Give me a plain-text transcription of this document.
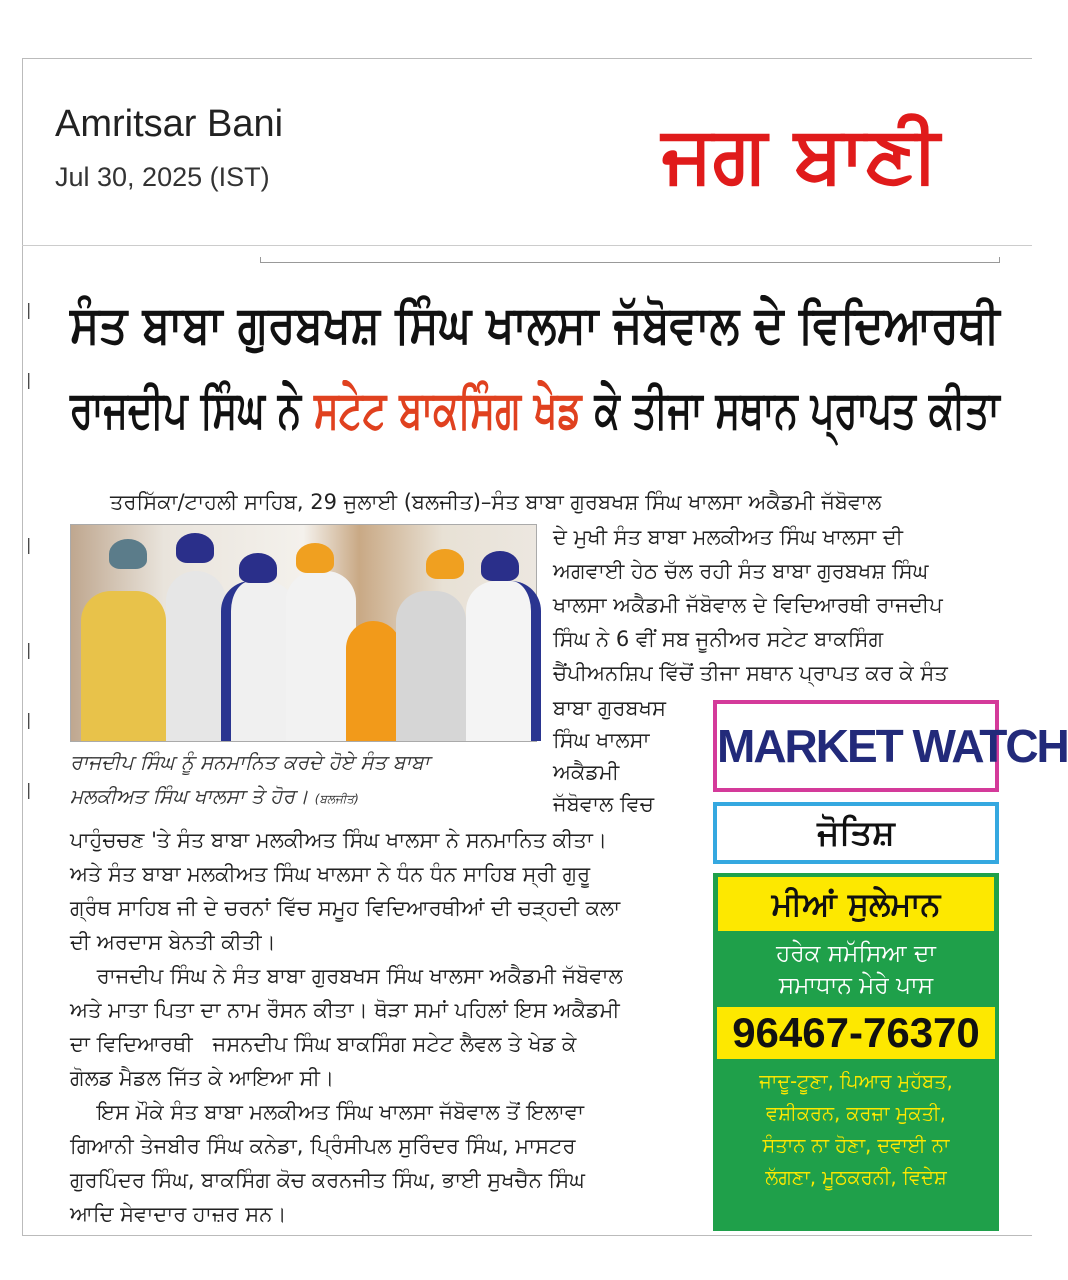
Amritsar Bani
Jul 30, 2025 (IST)	ਜਗ ਬਾਣੀ
|
|
|
|
|
|
ਸੰਤ ਬਾਬਾ ਗੁਰਬਖਸ਼ ਸਿੰਘ ਖਾਲਸਾ ਜੱਬੋਵਾਲ ਦੇ ਵਿਦਿਆਰਥੀ
ਰਾਜਦੀਪ ਸਿੰਘ ਨੇ ਸਟੇਟ ਬਾਕਸਿੰਗ ਖੇਡ ਕੇ ਤੀਜਾ ਸਥਾਨ ਪ੍ਰਾਪਤ ਕੀਤਾ
ਤਰਸਿੱਕਾ/ਟਾਹਲੀ ਸਾਹਿਬ, 29 ਜੁਲਾਈ (ਬਲਜੀਤ)–ਸੰਤ ਬਾਬਾ ਗੁਰਬਖਸ਼ ਸਿੰਘ ਖਾਲਸਾ ਅਕੈਡਮੀ ਜੱਬੋਵਾਲ
ਦੇ ਮੁਖੀ ਸੰਤ ਬਾਬਾ ਮਲਕੀਅਤ ਸਿੰਘ ਖਾਲਸਾ ਦੀ
ਅਗਵਾਈ ਹੇਠ ਚੱਲ ਰਹੀ ਸੰਤ ਬਾਬਾ ਗੁਰਬਖਸ਼ ਸਿੰਘ
ਖਾਲਸਾ ਅਕੈਡਮੀ ਜੱਬੋਵਾਲ ਦੇ ਵਿਦਿਆਰਥੀ ਰਾਜਦੀਪ
ਸਿੰਘ ਨੇ 6 ਵੀਂ ਸਬ ਜੂਨੀਅਰ ਸਟੇਟ ਬਾਕਸਿੰਗ
ਚੈਂਪੀਅਨਸ਼ਿਪ ਵਿੱਚੋਂ ਤੀਜਾ ਸਥਾਨ ਪ੍ਰਾਪਤ ਕਰ ਕੇ ਸੰਤ
ਬਾਬਾ ਗੁਰਬਖਸ
ਸਿੰਘ ਖਾਲਸਾ
ਅਕੈਡਮੀ
ਜੱਬੋਵਾਲ ਵਿਚ
ਰਾਜਦੀਪ ਸਿੰਘ ਨੂੰ ਸਨਮਾਨਿਤ ਕਰਦੇ ਹੋਏ ਸੰਤ ਬਾਬਾ
ਮਲਕੀਅਤ ਸਿੰਘ ਖਾਲਸਾ ਤੇ ਹੋਰ। (ਬਲਜੀਤ)
ਪਾਹੁੰਚਚਣ 'ਤੇ ਸੰਤ ਬਾਬਾ ਮਲਕੀਅਤ ਸਿੰਘ ਖਾਲਸਾ ਨੇ ਸਨਮਾਨਿਤ ਕੀਤਾ।
ਅਤੇ ਸੰਤ ਬਾਬਾ ਮਲਕੀਅਤ ਸਿੰਘ ਖਾਲਸਾ ਨੇ ਧੰਨ ਧੰਨ ਸਾਹਿਬ ਸ੍ਰੀ ਗੁਰੂ
ਗ੍ਰੰਥ ਸਾਹਿਬ ਜੀ ਦੇ ਚਰਨਾਂ ਵਿੱਚ ਸਮੂਹ ਵਿਦਿਆਰਥੀਆਂ ਦੀ ਚੜ੍ਹਦੀ ਕਲਾ
ਦੀ ਅਰਦਾਸ ਬੇਨਤੀ ਕੀਤੀ।
ਰਾਜਦੀਪ ਸਿੰਘ ਨੇ ਸੰਤ ਬਾਬਾ ਗੁਰਬਖਸ ਸਿੰਘ ਖਾਲਸਾ ਅਕੈਡਮੀ ਜੱਬੋਵਾਲ
ਅਤੇ ਮਾਤਾ ਪਿਤਾ ਦਾ ਨਾਮ ਰੌਸਨ ਕੀਤਾ। ਥੋੜਾ ਸਮਾਂ ਪਹਿਲਾਂ ਇਸ ਅਕੈਡਮੀ
ਦਾ ਵਿਦਿਆਰਥੀ   ਜਸਨਦੀਪ ਸਿੰਘ ਬਾਕਸਿੰਗ ਸਟੇਟ ਲੈਵਲ ਤੇ ਖੇਡ ਕੇ
ਗੋਲਡ ਮੈਡਲ ਜਿੱਤ ਕੇ ਆਇਆ ਸੀ।
ਇਸ ਮੌਕੇ ਸੰਤ ਬਾਬਾ ਮਲਕੀਅਤ ਸਿੰਘ ਖਾਲਸਾ ਜੱਬੋਵਾਲ ਤੋਂ ਇਲਾਵਾ
ਗਿਆਨੀ ਤੇਜਬੀਰ ਸਿੰਘ ਕਨੇਡਾ, ਪ੍ਰਿੰਸੀਪਲ ਸੁਰਿੰਦਰ ਸਿੰਘ, ਮਾਸਟਰ
ਗੁਰਪਿੰਦਰ ਸਿੰਘ, ਬਾਕਸਿੰਗ ਕੋਚ ਕਰਨਜੀਤ ਸਿੰਘ, ਭਾਈ ਸੁਖਚੈਨ ਸਿੰਘ
ਆਦਿ ਸੇਵਾਦਾਰ ਹਾਜ਼ਰ ਸਨ।
MARKET WATCH
ਜੋਤਿਸ਼
ਮੀਆਂ ਸੁਲੇਮਾਨ
ਹਰੇਕ ਸਮੱਸਿਆ ਦਾ
ਸਮਾਧਾਨ ਮੇਰੇ ਪਾਸ
96467-76370
ਜਾਦੂ-ਟੂਣਾ, ਪਿਆਰ ਮੁਹੱਬਤ,
ਵਸ਼ੀਕਰਨ, ਕਰਜ਼ਾ ਮੁਕਤੀ,
ਸੰਤਾਨ ਨਾ ਹੋਣਾ, ਦਵਾਈ ਨਾ
ਲੱਗਣਾ, ਮੂਠਕਰਨੀ, ਵਿਦੇਸ਼
